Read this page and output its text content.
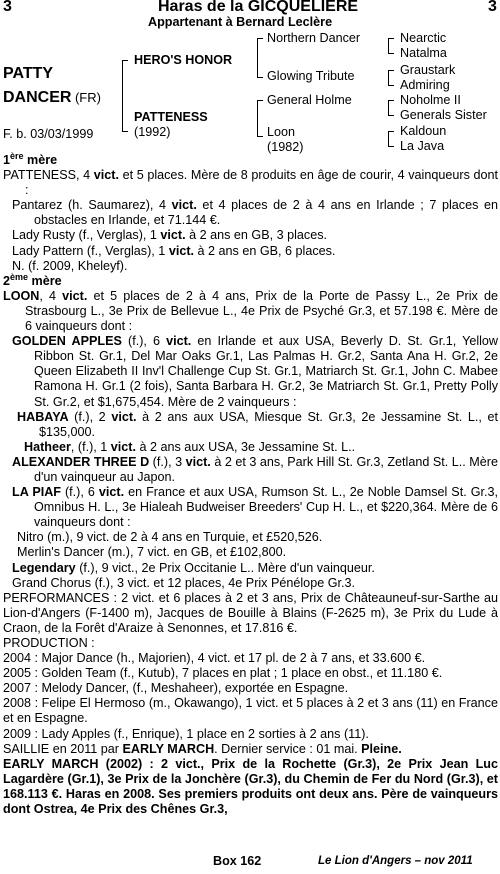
3	Haras de la GICQUELIERE	3
Appartenant à Bernard Leclère
PATTY
DANCER (FR)
F. b. 03/03/1999
HERO'S HONOR
PATTENESS
(1992)
Northern Dancer
Glowing Tribute
General Holme
Loon
(1982)
Nearctic
Natalma
Graustark
Admiring
Noholme II
Generals Sister
Kaldoun
La Java

1ère mère

PATTENESS, 4 vict. et 5 places. Mère de 8 produits en âge de courir, 4 vainqueurs dont :

Pantarez (h. Saumarez), 4 vict. et 4 places de 2 à 4 ans en Irlande ; 7 places en obstacles en Irlande, et 71.144 €.

Lady Rusty (f., Verglas), 1 vict. à 2 ans en GB, 3 places.

Lady Pattern (f., Verglas), 1 vict. à 2 ans en GB, 6 places.

N. (f. 2009, Kheleyf).

2ème mère

LOON, 4 vict. et 5 places de 2 à 4 ans, Prix de la Porte de Passy L., 2e Prix de Strasbourg L., 3e Prix de Bellevue L., 4e Prix de Psyché Gr.3, et 57.198 €. Mère de 6 vainqueurs dont :

GOLDEN APPLES (f.), 6 vict. en Irlande et aux USA, Beverly D. St. Gr.1, Yellow Ribbon St. Gr.1, Del Mar Oaks Gr.1, Las Palmas H. Gr.2, Santa Ana H. Gr.2, 2e Queen Elizabeth II Inv'l Challenge Cup St. Gr.1, Matriarch St. Gr.1, John C. Mabee Ramona H. Gr.1 (2 fois), Santa Barbara H. Gr.2, 3e Matriarch St. Gr.1, Pretty Polly St. Gr.2, et $1,675,454. Mère de 2 vainqueurs :

HABAYA (f.), 2 vict. à 2 ans aux USA, Miesque St. Gr.3, 2e Jessamine St. L., et $135,000.

Hatheer, (f.), 1 vict. à 2 ans aux USA, 3e Jessamine St. L..

ALEXANDER THREE D (f.), 3 vict. à 2 et 3 ans, Park Hill St. Gr.3, Zetland St. L.. Mère d'un vainqueur au Japon.

LA PIAF (f.), 6 vict. en France et aux USA, Rumson St. L., 2e Noble Damsel St. Gr.3, Omnibus H. L., 3e Hialeah Budweiser Breeders' Cup H. L., et $220,364. Mère de 6 vainqueurs dont :

Nitro (m.), 9 vict. de 2 à 4 ans en Turquie, et £520,526.

Merlin's Dancer (m.), 7 vict. en GB, et £102,800.

Legendary (f.), 9 vict., 2e Prix Occitanie L.. Mère d'un vainqueur.

Grand Chorus (f.), 3 vict. et 12 places, 4e Prix Pénélope Gr.3.

PERFORMANCES : 2 vict. et 6 places à 2 et 3 ans, Prix de Châteauneuf-sur-Sarthe au Lion-d'Angers (F-1400 m), Jacques de Bouille à Blains (F-2625 m), 3e Prix du Lude à Craon, de la Forêt d'Araize à Senonnes, et 17.816 €.

PRODUCTION :

2004 : Major Dance (h., Majorien), 4 vict. et 17 pl. de 2 à 7 ans, et 33.600 €.

2005 : Golden Team (f., Kutub), 7 places en plat ; 1 place en obst., et 11.180 €.

2007 : Melody Dancer, (f., Meshaheer), exportée en Espagne.

2008 : Felipe El Hermoso (m., Okawango), 1 vict. et 5 places à 2 et 3 ans (11) en France et en Espagne.

2009 : Lady Apples (f., Enrique), 1 place en 2 sorties à 2 ans (11).

SAILLIE en 2011 par EARLY MARCH. Dernier service : 01 mai. Pleine.

EARLY MARCH (2002) : 2 vict., Prix de la Rochette (Gr.3), 2e Prix Jean Luc Lagardère (Gr.1), 3e Prix de la Jonchère (Gr.3), du Chemin de Fer du Nord (Gr.3), et 168.113 €. Haras en 2008. Ses premiers produits ont deux ans. Père de vainqueurs dont Ostrea, 4e Prix des Chênes Gr.3,

Box 162	Le Lion d'Angers – nov 2011
